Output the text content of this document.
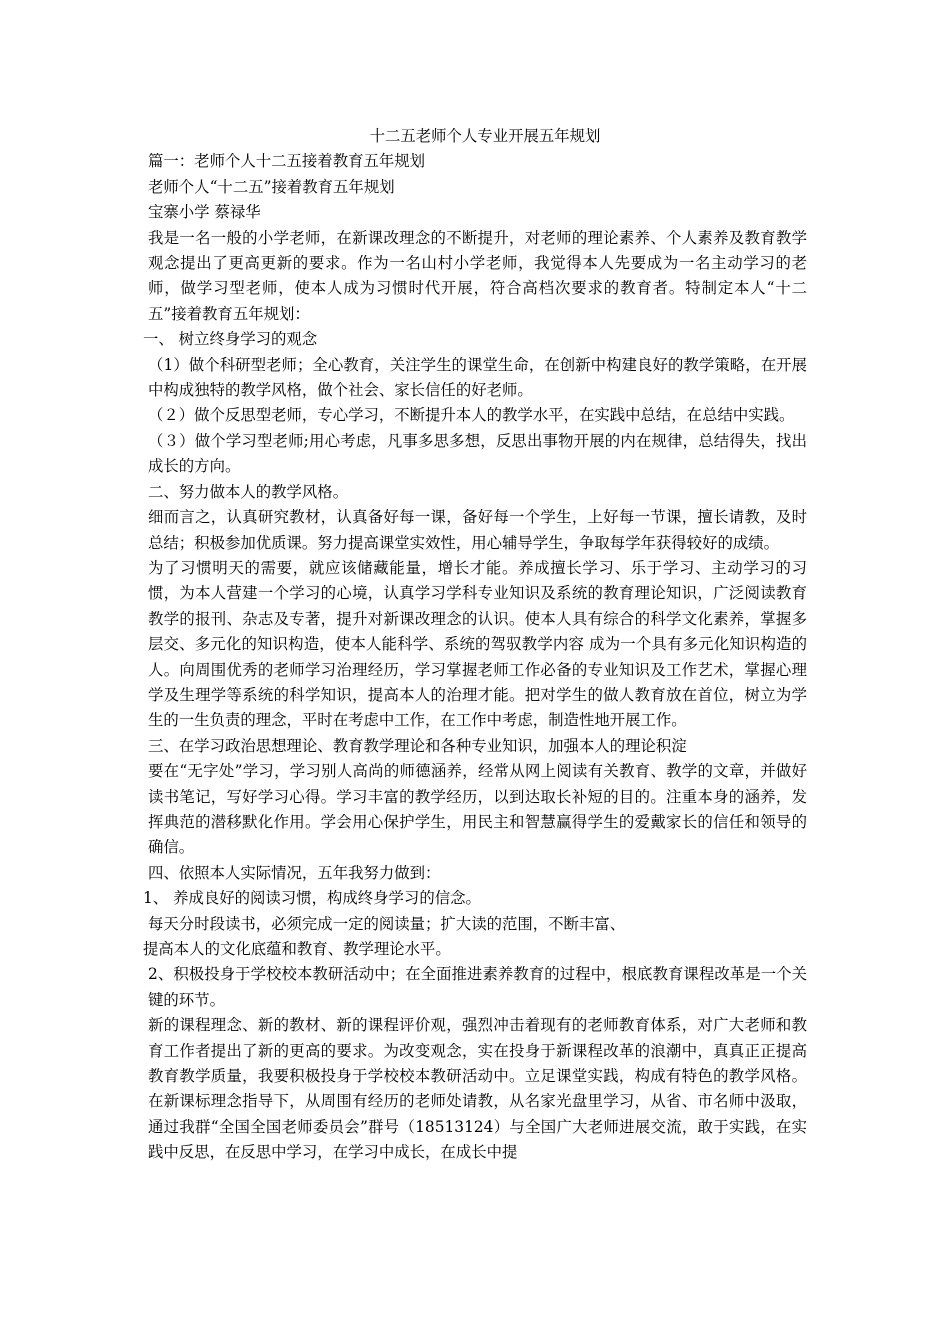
十二五老师个人专业开展五年规划

篇一：老师个人十二五接着教育五年规划

老师个人“十二五”接着教育五年规划

宝寨小学 蔡禄华

我是一名一般的小学老师，在新课改理念的不断提升，对老师的理论素养、个人素养及教育教学观念提出了更高更新的要求。作为一名山村小学老师，我觉得本人先要成为一名主动学习的老师，做学习型老师，使本人成为习惯时代开展，符合高档次要求的教育者。特制定本人“十二五”接着教育五年规划：

一、 树立终身学习的观念

（1）做个科研型老师；全心教育，关注学生的课堂生命，在创新中构建良好的教学策略，在开展中构成独特的教学风格，做个社会、家长信任的好老师。

（２）做个反思型老师，专心学习，不断提升本人的教学水平，在实践中总结，在总结中实践。

（３）做个学习型老师;用心考虑，凡事多思多想，反思出事物开展的内在规律，总结得失，找出成长的方向。

二、努力做本人的教学风格。

细而言之，认真研究教材，认真备好每一课，备好每一个学生，上好每一节课，擅长请教，及时总结；积极参加优质课。努力提高课堂实效性，用心辅导学生，争取每学年获得较好的成绩。

为了习惯明天的需要，就应该储藏能量，增长才能。养成擅长学习、乐于学习、主动学习的习惯，为本人营建一个学习的心境，认真学习学科专业知识及系统的教育理论知识，广泛阅读教育教学的报刊、杂志及专著，提升对新课改理念的认识。使本人具有综合的科学文化素养，掌握多层交、多元化的知识构造，使本人能科学、系统的驾驭教学内容 成为一个具有多元化知识构造的人。向周围优秀的老师学习治理经历，学习掌握老师工作必备的专业知识及工作艺术，掌握心理学及生理学等系统的科学知识，提高本人的治理才能。把对学生的做人教育放在首位，树立为学生的一生负责的理念，平时在考虑中工作，在工作中考虑，制造性地开展工作。

三、在学习政治思想理论、教育教学理论和各种专业知识，加强本人的理论积淀

要在“无字处”学习，学习别人高尚的师德涵养，经常从网上阅读有关教育、教学的文章，并做好读书笔记，写好学习心得。学习丰富的教学经历，以到达取长补短的目的。注重本身的涵养，发挥典范的潜移默化作用。学会用心保护学生，用民主和智慧赢得学生的爱戴家长的信任和领导的确信。

四、依照本人实际情况，五年我努力做到：

1、 养成良好的阅读习惯，构成终身学习的信念。

每天分时段读书，必须完成一定的阅读量；扩大读的范围，不断丰富、

提高本人的文化底蕴和教育、教学理论水平。

2、积极投身于学校校本教研活动中；在全面推进素养教育的过程中，根底教育课程改革是一个关键的环节。

新的课程理念、新的教材、新的课程评价观，强烈冲击着现有的老师教育体系，对广大老师和教育工作者提出了新的更高的要求。为改变观念，实在投身于新课程改革的浪潮中，真真正正提高教育教学质量，我要积极投身于学校校本教研活动中。立足课堂实践，构成有特色的教学风格。在新课标理念指导下，从周围有经历的老师处请教，从名家光盘里学习，从省、市名师中汲取，通过我群“全国全国老师委员会”群号（18513124）与全国广大老师进展交流，敢于实践，在实践中反思，在反思中学习，在学习中成长，在成长中提
